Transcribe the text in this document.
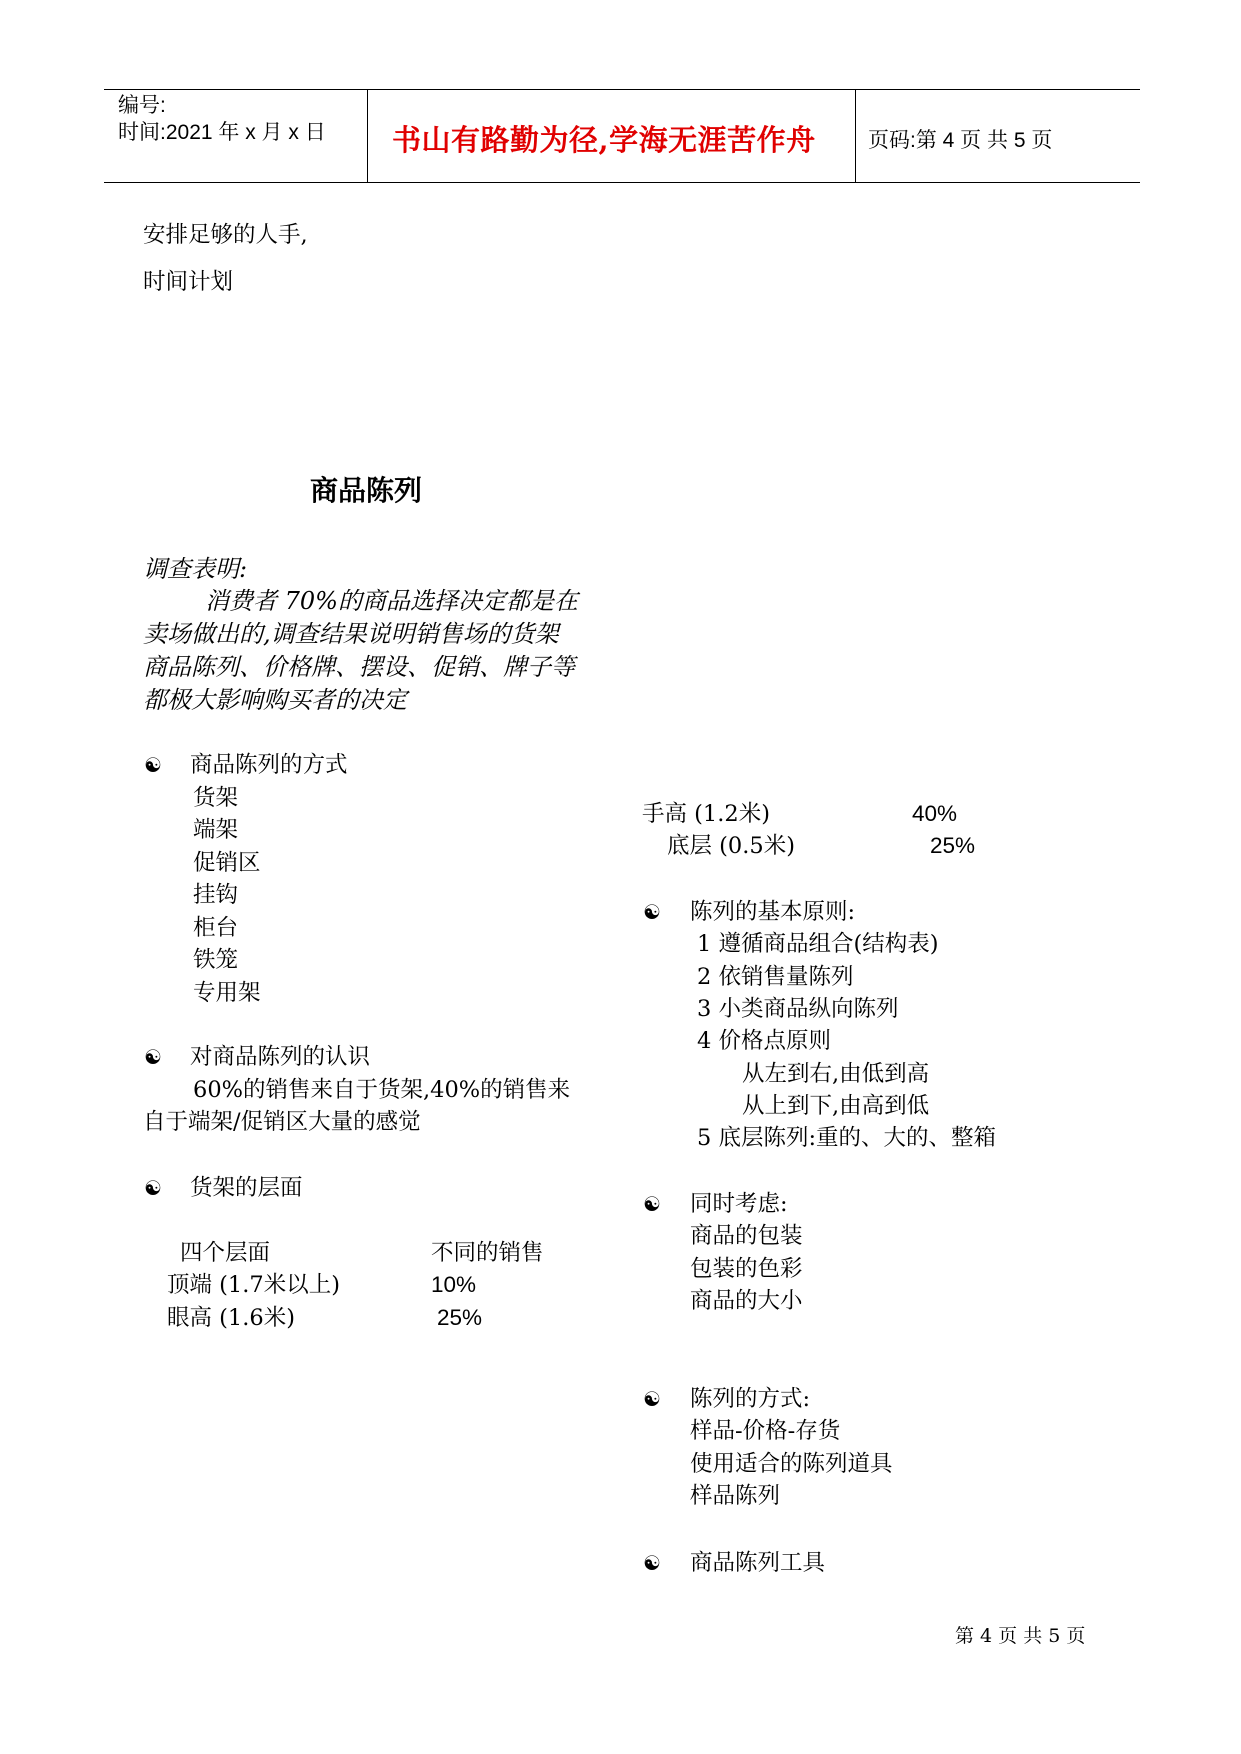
编号:
时间:2021 年 x 月 x 日 书山有路勤为径,学海无涯苦作舟 页码:第 4 页 共 5 页
安排足够的人手,
时间计划
商品陈列
调查表明:
消费者 70%的商品选择决定都是在
卖场做出的,调查结果说明销售场的货架
商品陈列、价格牌、摆设、促销、牌子等
都极大影响购买者的决定
☯ 商品陈列的方式
货架
端架
促销区
挂钩
柜台
铁笼
专用架
☯ 对商品陈列的认识
60%的销售来自于货架,40%的销售来
自于端架/促销区大量的感觉
☯ 货架的层面
四个层面	不同的销售
顶端 (1.7米以上)	10%
眼高 (1.6米)	25%
手高 (1.2米)	40%
底层 (0.5米)	25%
☯ 陈列的基本原则:
1 遵循商品组合(结构表)
2 依销售量陈列
3 小类商品纵向陈列
4 价格点原则
从左到右,由低到高
从上到下,由高到低
5 底层陈列:重的、大的、整箱
☯ 同时考虑:
商品的包装
包装的色彩
商品的大小
☯ 陈列的方式:
样品-价格-存货
使用适合的陈列道具
样品陈列
☯ 商品陈列工具
第 4 页 共 5 页
